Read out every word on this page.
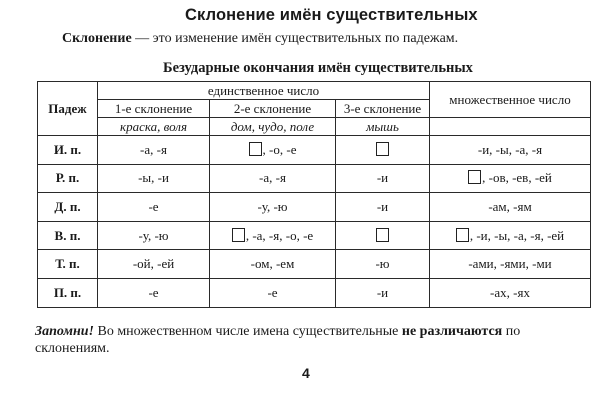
Склонение имён существительных
Склонение — это изменение имён существительных по падежам.
Безударные окончания имён существительных
Падеж	единственное число			множественное число
	1-е склонение	2-е склонение	3-е склонение	
	краска, воля	дом, чудо, поле	мышь	
И. п.	-а, -я	, -о, -е		-и, -ы, -а, -я
Р. п.	-ы, -и	-а, -я	-и	, -ов, -ев, -ей
Д. п.	-е	-у, -ю	-и	-ам, -ям
В. п.	-у, -ю	, -а, -я, -о, -е		, -и, -ы, -а, -я, -ей
Т. п.	-ой, -ей	-ом, -ем	-ю	-ами, -ями, -ми
П. п.	-е	-е	-и	-ах, -ях
Запомни! Во множественном числе имена существительные не различаются по склонениям.
4
